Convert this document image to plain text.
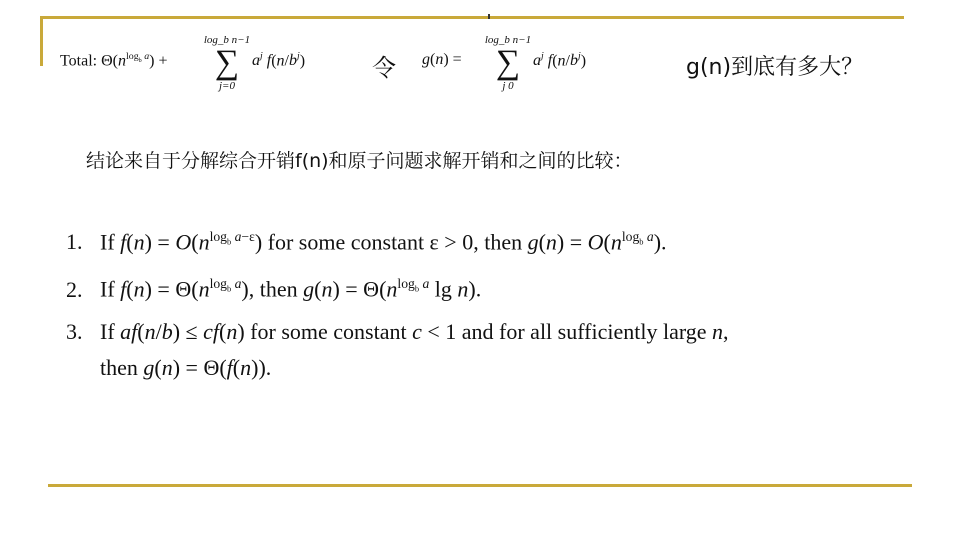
Total: $\Theta(n^{log_b a})$ +
log_b n−1
∑
j=0
$a^j$ $f(n/b^j)$	令 g(n) =
log_b n−1
∑
j 0
$a^j$ $f(n/b^j)$	g(n)到底有多大？
结论来自于分解综合开销f(n)和原子问题求解开销和之间的比较：
1. If $f(n) = O(n^{log_b a-\varepsilon})$ for some constant ε > 0, then $g(n) = O(n^{log_b a})$.
2. If $f(n) = \Theta(n^{log_b a})$, then $g(n) = \Theta(n^{log_b a}$ lg n).
3. If af(n/b) ≤ cf(n) for some constant c < 1 and for all sufficiently large n,
then g(n) = Θ(f(n)).
